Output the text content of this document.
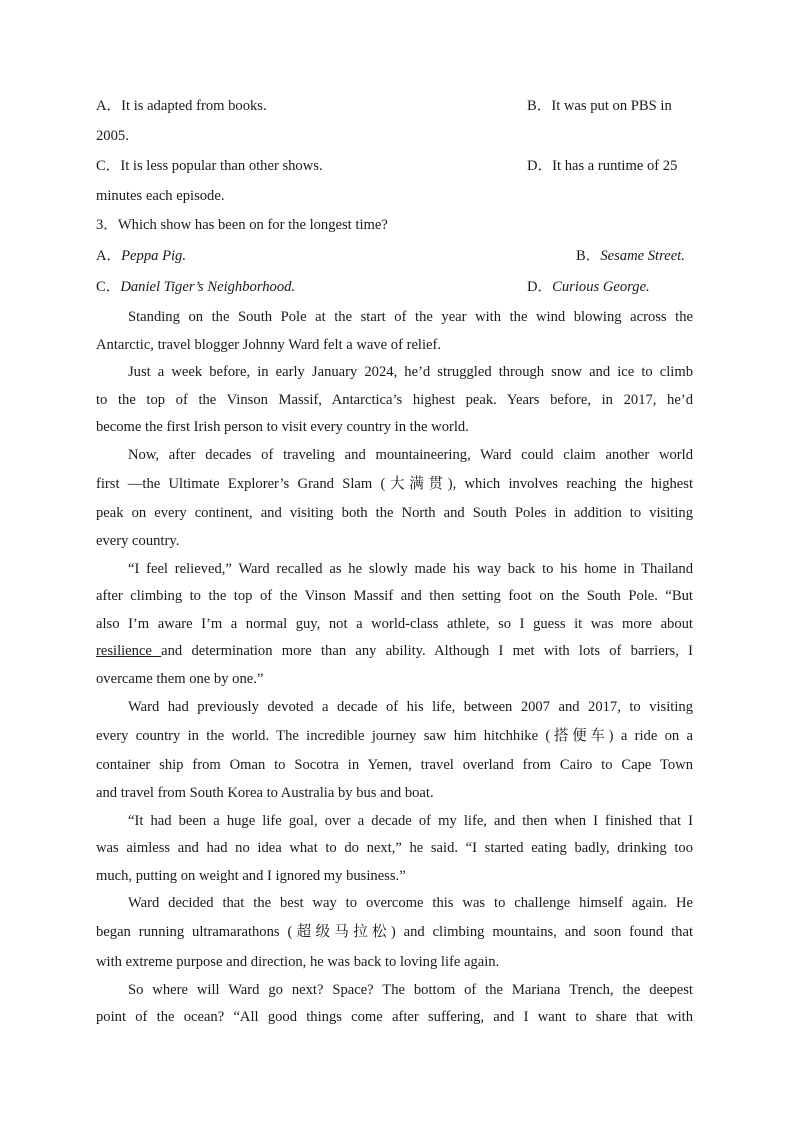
A．It is adapted from books.	B．It was put on PBS in
2005.
C．It is less popular than other shows.	D．It has a runtime of 25
minutes each episode.
3．Which show has been on for the longest time?
A．Peppa Pig.	B．Sesame Street.
C．Daniel Tiger’s Neighborhood.	D．Curious George.
Standing on the South Pole at the start of the year with the wind blowing across the
Antarctic, travel blogger Johnny Ward felt a wave of relief.
Just a week before, in early January 2024, he’d struggled through snow and ice to climb
to the top of the Vinson Massif, Antarctica’s highest peak. Years before, in 2017, he’d
become the first Irish person to visit every country in the world.
Now, after decades of traveling and mountaineering, Ward could claim another world
first —the Ultimate Explorer’s Grand Slam (大满贯), which involves reaching the highest
peak on every continent, and visiting both the North and South Poles in addition to visiting
every country.
“I feel relieved,” Ward recalled as he slowly made his way back to his home in Thailand
after climbing to the top of the Vinson Massif and then setting foot on the South Pole. “But
also I’m aware I’m a normal guy, not a world-class athlete, so I guess it was more about
resilience and determination more than any ability. Although I met with lots of barriers, I
overcame them one by one.”
Ward had previously devoted a decade of his life, between 2007 and 2017, to visiting
every country in the world. The incredible journey saw him hitchhike (搭便车) a ride on a
container ship from Oman to Socotra in Yemen, travel overland from Cairo to Cape Town
and travel from South Korea to Australia by bus and boat.
“It had been a huge life goal, over a decade of my life, and then when I finished that I
was aimless and had no idea what to do next,” he said. “I started eating badly, drinking too
much, putting on weight and I ignored my business.”
Ward decided that the best way to overcome this was to challenge himself again. He
began running ultramarathons (超级马拉松) and climbing mountains, and soon found that
with extreme purpose and direction, he was back to loving life again.
So where will Ward go next? Space? The bottom of the Mariana Trench, the deepest
point of the ocean? “All good things come after suffering, and I want to share that with
